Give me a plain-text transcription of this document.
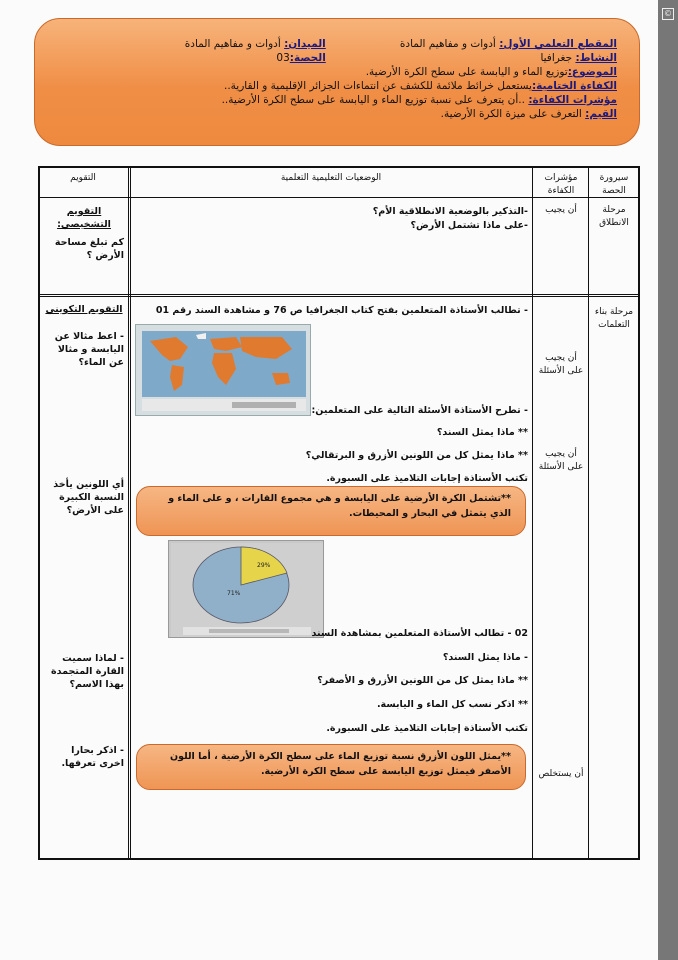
المقطع التعلمي الأول: أدوات و مفاهيم المادة
الميدان: أدوات و مفاهيم المادة
النشاط: جغرافيا
الحصة:03
الموضوع:توزيع الماء و اليابسة على سطح الكرة الأرضية.
الكفاءة الختامية:يستعمل خرائط ملائمة للكشف عن انتماءات الجزائر الإقليمية و القارية..
مؤشرات الكفاءة: ..أن يتعرف على نسبة توزيع الماء و اليابسة على سطح الكرة الأرضية..
القيم: التعرف على ميزة الكرة الأرضية.
©
سيرورة الحصة
مؤشرات الكفاءة
الوضعيات التعليمية التعلمية
التقويم
مرحلة الانطلاق
أن يجيب
-التذكير بالوضعية الانطلاقية الأم؟
-على ماذا تشتمل الأرض؟
التقويم التشخيصي:
كم تبلغ مساحة الأرض ؟
مرحلة بناء التعلمات
أن يجيب على الأسئلة
أن يجيب على الأسئلة
أن يستخلص
التقويم التكويني
- اعط مثالا عن اليابسة و مثالا عن الماء؟
أي اللونين يأخذ النسبة الكبيرة على الأرض؟
- لماذا سميت القارة المتجمدة بهذا الاسم؟
- اذكر بحارا اخرى تعرفها.
- تطالب الأستاذة المتعلمين بفتح كتاب الجغرافيا ص 76 و مشاهدة السند رقم 01
- تطرح الأستاذة الأسئلة التالية على المتعلمين:
** ماذا يمثل السند؟
** ماذا يمثل كل من اللونين الأزرق و البرتقالي؟
تكتب الأستاذة إجابات التلاميذ على السبورة.
**تشتمل الكرة الأرضية على اليابسة و هي مجموع القارات ، و على الماء و الذي يتمثل في البحار و المحيطات.
29%
71%
02 - تطالب الأستاذة المتعلمين بمشاهدة السند
- ماذا يمثل السند؟
** ماذا يمثل كل من اللونين الأزرق و الأصفر؟
** اذكر نسب كل الماء و اليابسة.
تكتب الأستاذة إجابات التلاميذ على السبورة.
**يمثل اللون الأزرق نسبة توزيع الماء على سطح الكرة الأرضية ، أما اللون الأصفر فيمثل توزيع اليابسة على سطح الكرة الأرضية.
